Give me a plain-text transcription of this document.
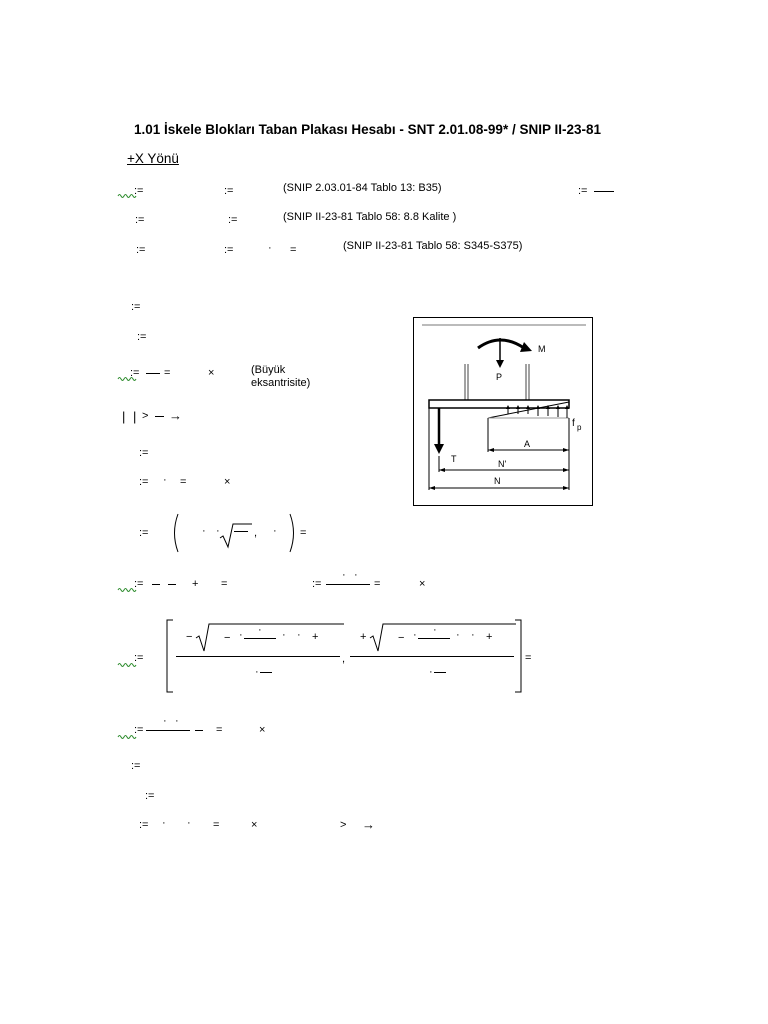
1.01 İskele Blokları Taban Plakası Hesabı - SNT 2.01.08-99* / SNIP II-23-81
+X Yönü
:=	:=	(SNIP 2.03.01-84 Tablo 13: B35)	:=
:=	:=	(SNIP II-23-81 Tablo 58: 8.8 Kalite )
:=	:=	· =	(SNIP II-23-81 Tablo 58: S345-S375)
:=
:=
:= =	×	(Büyük
eksantrisite)
| | > →
:=
:= · =	×
:=	· ·	, · =
:=	+ =	:=
· ·
=	×
:=
−	− · · · · +
·
,
+	− · · · · +
·
=
:=
· ·
=	×
:=
:=
:= · · =	×	> →
M
P
T
f p
A
N'
N
